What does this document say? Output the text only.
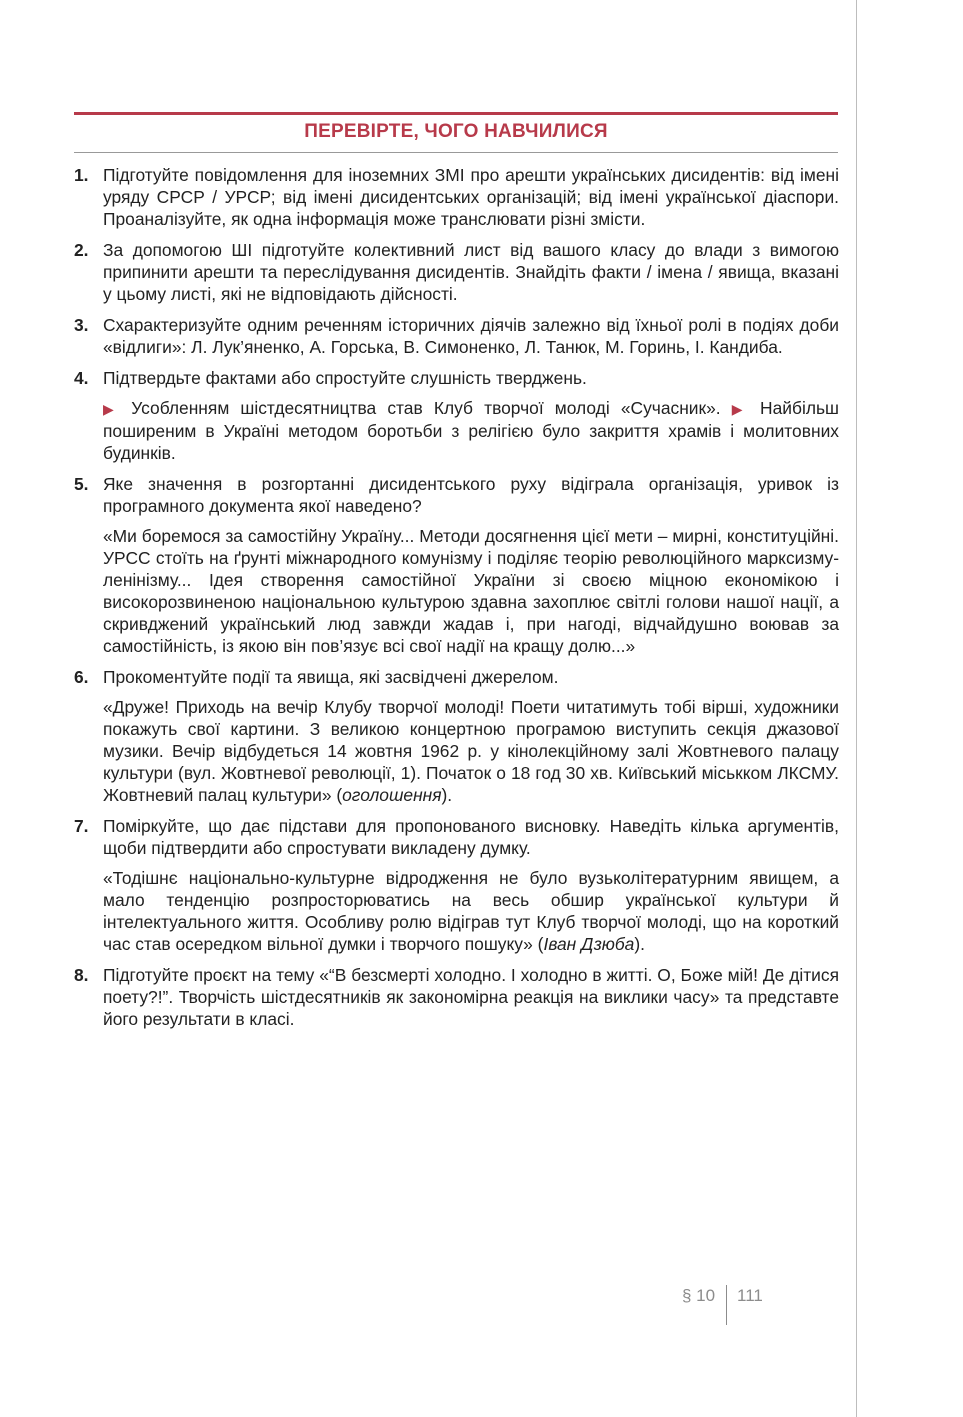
ПЕРЕВІРТЕ, ЧОГО НАВЧИЛИСЯ
1. Підготуйте повідомлення для іноземних ЗМІ про арешти українських дисидентів: від імені уряду СРСР / УРСР; від імені дисидентських організацій; від імені української діаспори. Проаналізуйте, як одна інформація може транслювати різні змісти.

2. За допомогою ШІ підготуйте колективний лист від вашого класу до влади з вимогою припинити арешти та переслідування дисидентів. Знайдіть факти / імена / явища, вказані у цьому листі, які не відповідають дійсності.

3. Схарактеризуйте одним реченням історичних діячів залежно від їхньої ролі в подіях доби «відлиги»: Л. Лук’яненко, А. Горська, В. Симоненко, Л. Танюк, М. Горинь, І. Кандиба.

4. Підтвердьте фактами або спростуйте слушність тверджень.

▶ Усобленням шістдесятництва став Клуб творчої молоді «Сучасник». ▶ Найбільш поширеним в Україні методом боротьби з релігією було закриття храмів і молитовних будинків.

5. Яке значення в розгортанні дисидентського руху відіграла організація, уривок із програмного документа якої наведено?

«Ми боремося за самостійну Україну... Методи досягнення цієї мети – мирні, конституційні. УРСС стоїть на ґрунті міжнародного комунізму і поділяє теорію революційного марксизму-ленінізму... Ідея створення самостійної України зі своєю міцною економікою і високорозвиненою національною культурою здавна захоплює світлі голови нашої нації, а скривджений український люд завжди жадав і, при нагоді, відчайдушно воював за самостійність, із якою він пов’язує всі свої надії на кращу долю...»

6. Прокоментуйте події та явища, які засвідчені джерелом.

«Друже! Приходь на вечір Клубу творчої молоді! Поети читатимуть тобі вірші, художники покажуть свої картини. З великою концертною програмою виступить секція джазової музики. Вечір відбудеться 14 жовтня 1962 р. у кінолекційному залі Жовтневого палацу культури (вул. Жовтневої революції, 1). Початок о 18 год 30 хв. Київський міськком ЛКСМУ. Жовтневий палац культури» (оголошення).

7. Поміркуйте, що дає підстави для пропонованого висновку. Наведіть кілька аргументів, щоби підтвердити або спростувати викладену думку.

«Тодішнє національно-культурне відродження не було вузьколітературним явищем, а мало тенденцію розпросторюватись на весь обшир української культури й інтелектуального життя. Особливу ролю відіграв тут Клуб творчої молоді, що на короткий час став осередком вільної думки і творчого пошуку» (Іван Дзюба).

8. Підготуйте проєкт на тему «“В безсмерті холодно. І холодно в житті. О, Боже мій! Де дітися поету?!”. Творчість шістдесятників як закономірна реакція на виклики часу» та представте його результати в класі.

§ 10 111
